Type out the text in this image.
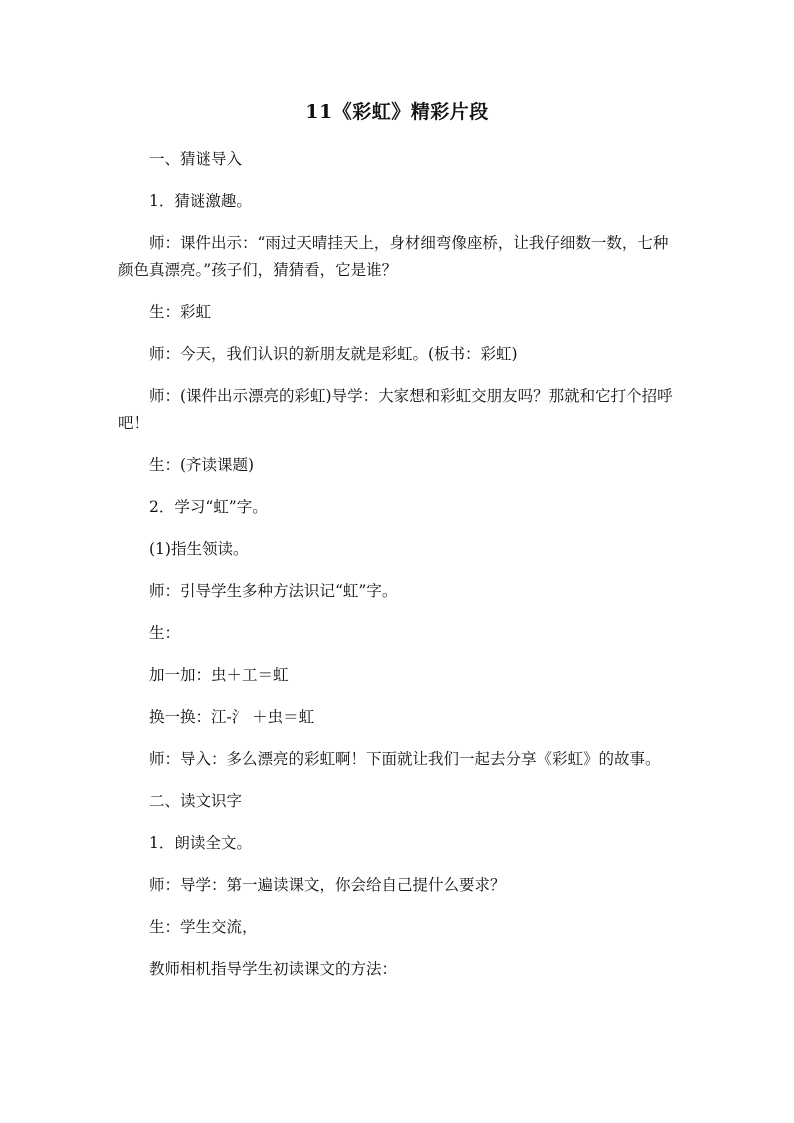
11《彩虹》精彩片段

一、猜谜导入

1．猜谜激趣。

师：课件出示：“雨过天晴挂天上，身材细弯像座桥，让我仔细数一数，七种颜色真漂亮。”孩子们，猜猜看，它是谁？

生：彩虹

师：今天，我们认识的新朋友就是彩虹。(板书：彩虹)

师：(课件出示漂亮的彩虹)导学：大家想和彩虹交朋友吗？那就和它打个招呼吧！

生：(齐读课题)

2．学习“虹”字。

(1)指生领读。

师：引导学生多种方法识记“虹”字。

生：

加一加：虫＋工＝虹

换一换：江-氵 ＋虫＝虹

师：导入：多么漂亮的彩虹啊！下面就让我们一起去分享《彩虹》的故事。

二、读文识字

1．朗读全文。

师：导学：第一遍读课文，你会给自己提什么要求？

生：学生交流，

教师相机指导学生初读课文的方法：
